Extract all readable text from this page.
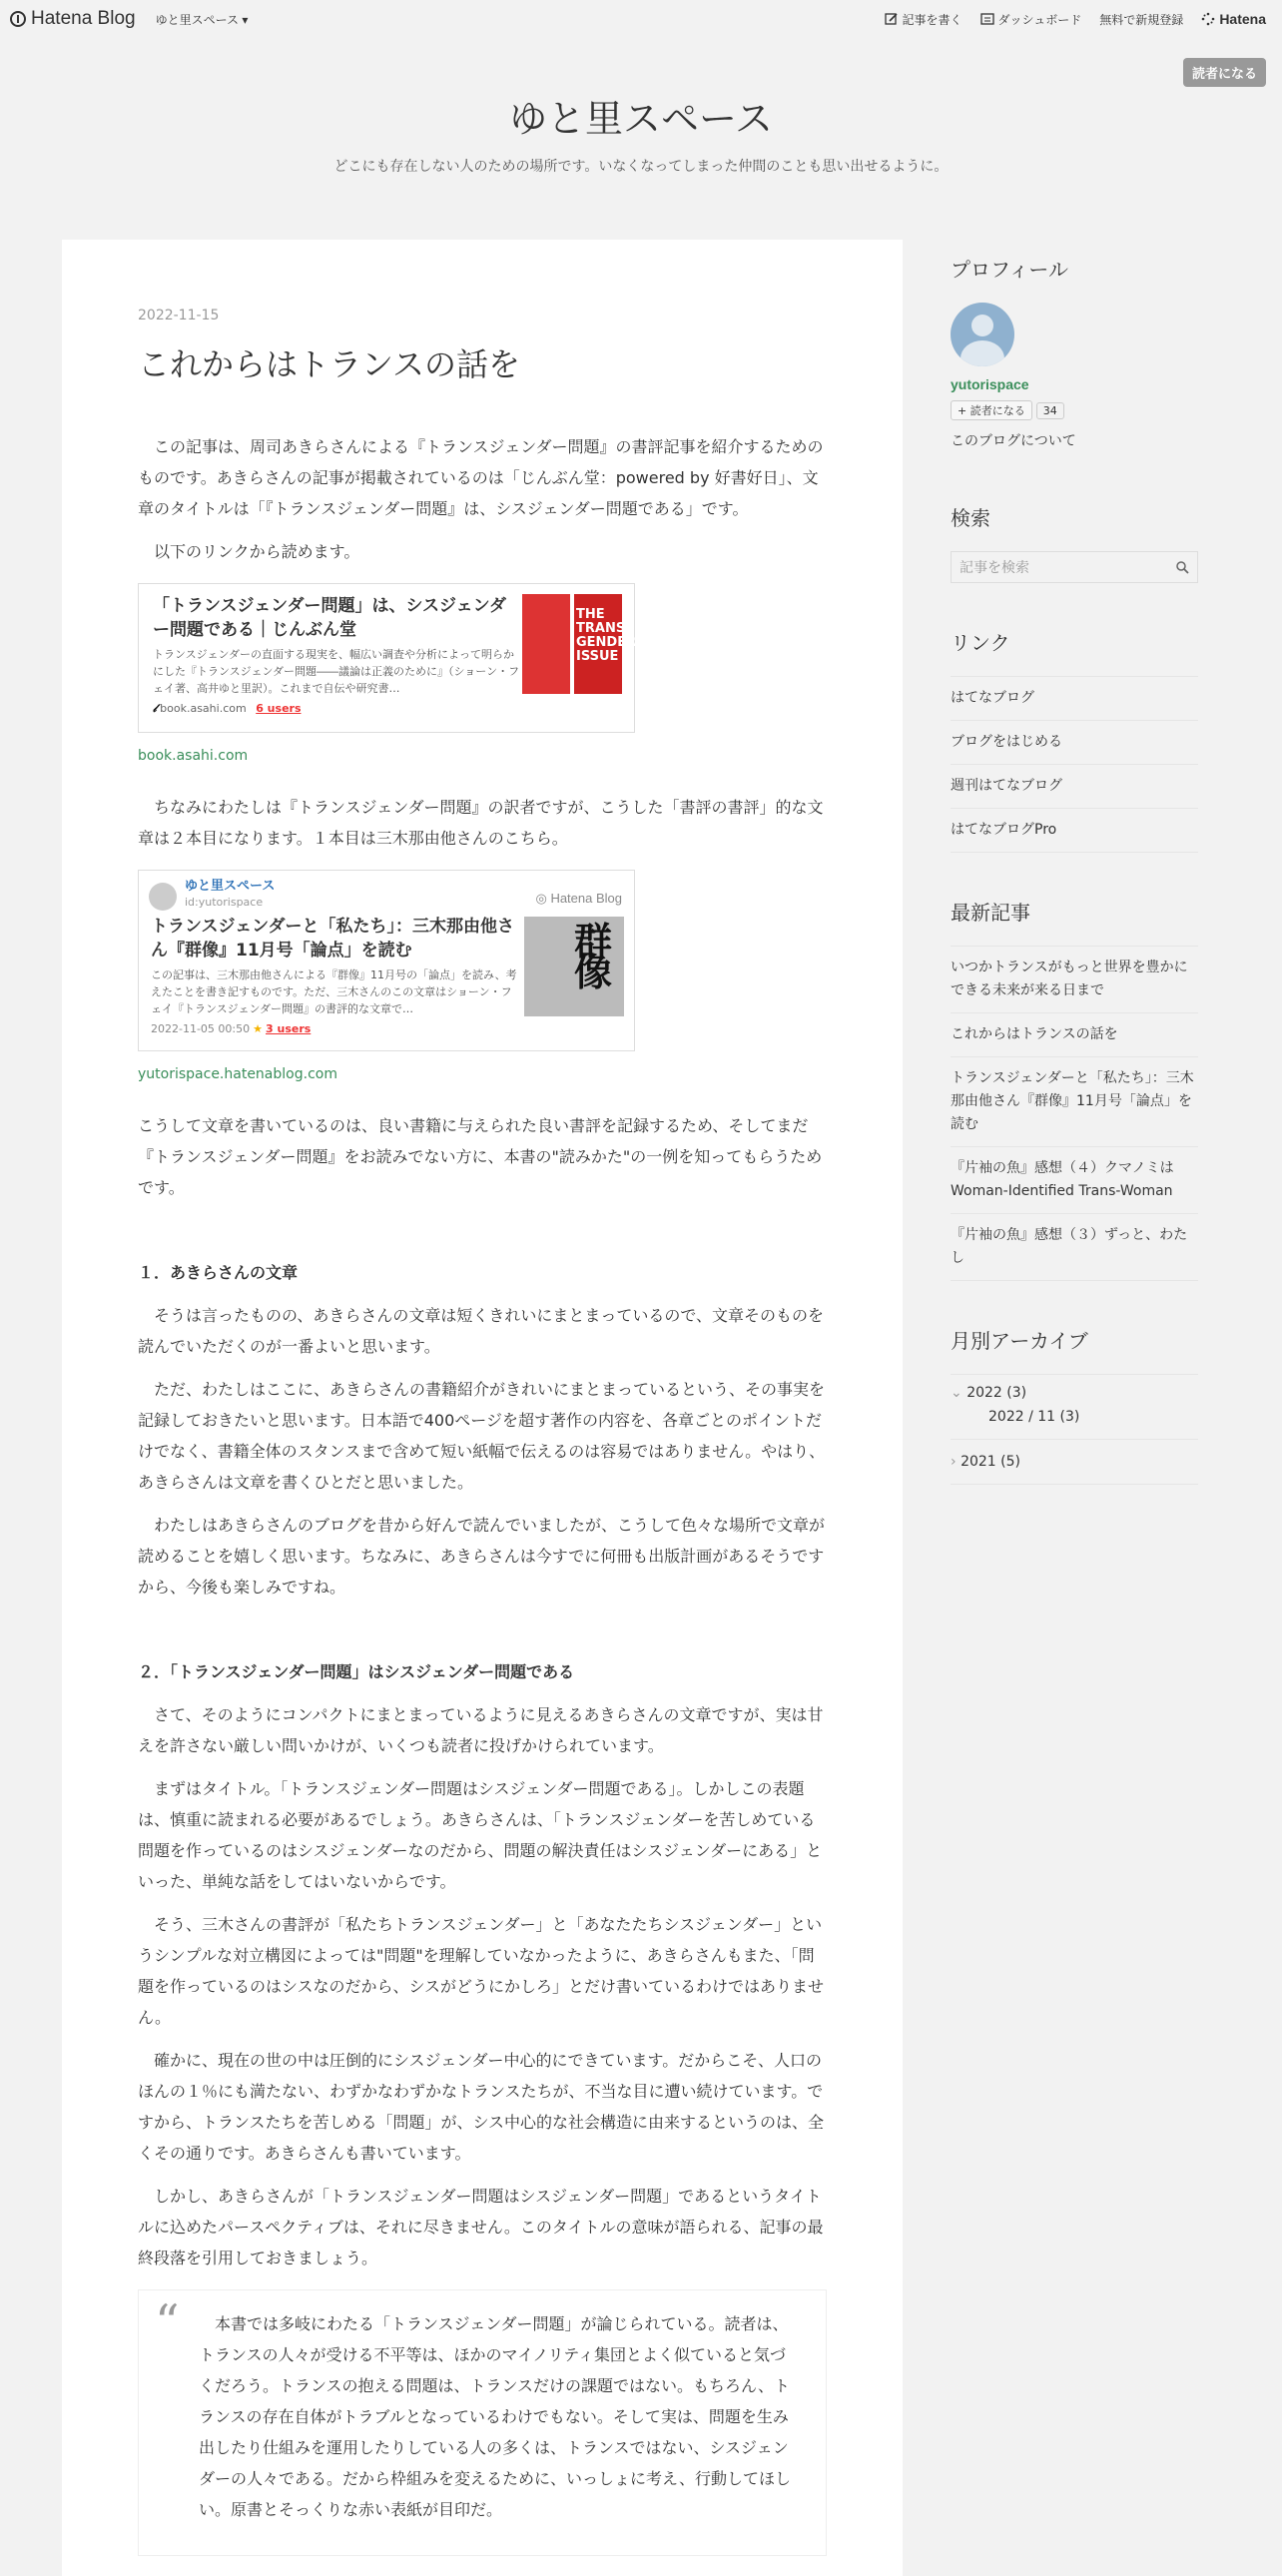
Hatena Blog ゆと里スペース ▾	記事を書く	ダッシュボード 無料で新規登録	Hatena
読者になる
ゆと里スペース
どこにも存在しない人のための場所です。いなくなってしまった仲間のことも思い出せるように。
2022-11-15
これからはトランスの話を

この記事は、周司あきらさんによる『トランスジェンダー問題』の書評記事を紹介するためのものです。あきらさんの記事が掲載されているのは「じんぶん堂：powered by 好書好日」、文章のタイトルは「『トランスジェンダー問題』は、シスジェンダー問題である」です。

以下のリンクから読めます。

「トランスジェンダー問題」は、シスジェンダー問題である｜じんぶん堂
トランスジェンダーの直面する現実を、幅広い調査や分析によって明らかにした『トランスジェンダー問題――議論は正義のために』（ショーン・フェイ著、高井ゆと里訳）。これまで自伝や研究書…
𝓁 book.asahi.com 6 users
THE TRANS-GENDER ISSUE
book.asahi.com

ちなみにわたしは『トランスジェンダー問題』の訳者ですが、こうした「書評の書評」的な文章は２本目になります。１本目は三木那由他さんのこちら。

ゆと里スペース
id:yutorispace	◎ Hatena Blog
トランスジェンダーと「私たち」：三木那由他さん『群像』11月号「論点」を読む
この記事は、三木那由他さんによる『群像』11月号の「論点」を読み、考えたことを書き記すものです。ただ、三木さんのこの文章はショーン・フェイ『トランスジェンダー問題』の書評的な文章で…
2022-11-05 00:50 ★ 3 users
群像
yutorispace.hatenablog.com

こうして文章を書いているのは、良い書籍に与えられた良い書評を記録するため、そしてまだ『トランスジェンダー問題』をお読みでない方に、本書の"読みかた"の一例を知ってもらうためです。

１．あきらさんの文章

そうは言ったものの、あきらさんの文章は短くきれいにまとまっているので、文章そのものを読んでいただくのが一番よいと思います。

ただ、わたしはここに、あきらさんの書籍紹介がきれいにまとまっているという、その事実を記録しておきたいと思います。日本語で400ページを超す著作の内容を、各章ごとのポイントだけでなく、書籍全体のスタンスまで含めて短い紙幅で伝えるのは容易ではありません。やはり、あきらさんは文章を書くひとだと思いました。

わたしはあきらさんのブログを昔から好んで読んでいましたが、こうして色々な場所で文章が読めることを嬉しく思います。ちなみに、あきらさんは今すでに何冊も出版計画があるそうですから、今後も楽しみですね。

２．「トランスジェンダー問題」はシスジェンダー問題である

さて、そのようにコンパクトにまとまっているように見えるあきらさんの文章ですが、実は甘えを許さない厳しい問いかけが、いくつも読者に投げかけられています。

まずはタイトル。「トランスジェンダー問題はシスジェンダー問題である」。しかしこの表題は、慎重に読まれる必要があるでしょう。あきらさんは、「トランスジェンダーを苦しめている問題を作っているのはシスジェンダーなのだから、問題の解決責任はシスジェンダーにある」といった、単純な話をしてはいないからです。

そう、三木さんの書評が「私たちトランスジェンダー」と「あなたたちシスジェンダー」というシンプルな対立構図によっては"問題"を理解していなかったように、あきらさんもまた、「問題を作っているのはシスなのだから、シスがどうにかしろ」とだけ書いているわけではありません。

確かに、現在の世の中は圧倒的にシスジェンダー中心的にできています。だからこそ、人口のほんの１％にも満たない、わずかなわずかなトランスたちが、不当な目に遭い続けています。ですから、トランスたちを苦しめる「問題」が、シス中心的な社会構造に由来するというのは、全くその通りです。あきらさんも書いています。

しかし、あきらさんが「トランスジェンダー問題はシスジェンダー問題」であるというタイトルに込めたパースペクティブは、それに尽きません。このタイトルの意味が語られる、記事の最終段落を引用しておきましょう。

“	本書では多岐にわたる「トランスジェンダー問題」が論じられている。読者は、トランスの人々が受ける不平等は、ほかのマイノリティ集団とよく似ていると気づくだろう。トランスの抱える問題は、トランスだけの課題ではない。もちろん、トランスの存在自体がトラブルとなっているわけでもない。そして実は、問題を生み出したり仕組みを運用したりしている人の多くは、トランスではない、シスジェンダーの人々である。だから枠組みを変えるために、いっしょに考え、行動してほしい。原書とそっくりな赤い表紙が目印だ。

プロフィール
yutorispace
+ 読者になる	34
このブログについて
検索
記事を検索
リンク
はてなブログ
ブログをはじめる
週刊はてなブログ
はてなブログPro
最新記事
いつかトランスがもっと世界を豊かにできる未来が来る日まで
これからはトランスの話を
トランスジェンダーと「私たち」：三木那由他さん『群像』11月号「論点」を読む
『片袖の魚』感想（４）クマノミは Woman-Identified Trans-Woman
『片袖の魚』感想（３）ずっと、わたし
月別アーカイブ
⌄ 2022 (3)
2022 / 11 (3)
› 2021 (5)
